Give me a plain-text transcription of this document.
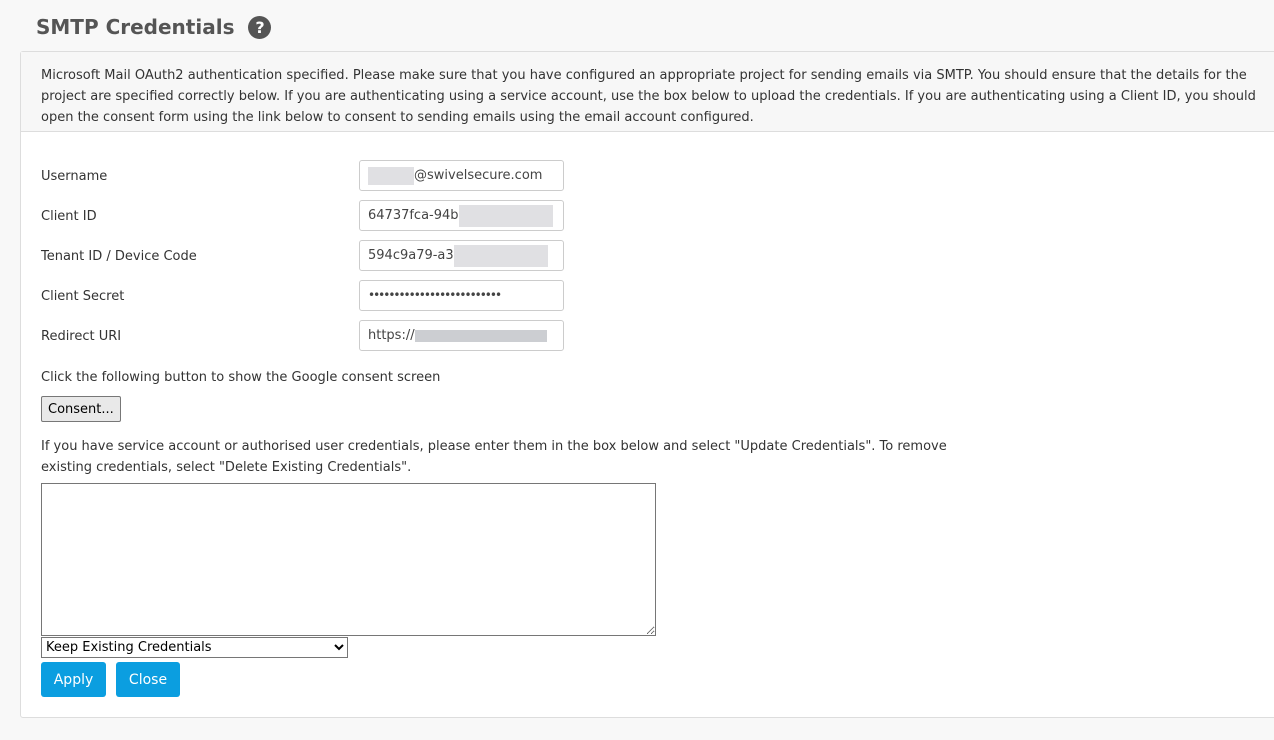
SMTP Credentials	?
Microsoft Mail OAuth2 authentication specified. Please make sure that you have configured an appropriate project for sending emails via SMTP. You should ensure that the details for the project are specified correctly below. If you are authenticating using a service account, use the box below to upload the credentials. If you are authenticating using a Client ID, you should open the consent form using the link below to consent to sending emails using the email account configured.
Username	@swivelsecure.com
Client ID	64737fca-94b
Tenant ID / Device Code	594c9a79-a3
Client Secret	••••••••••••••••••••••••••
Redirect URI	https://
Click the following button to show the Google consent screen
Consent...
If you have service account or authorised user credentials, please enter them in the box below and select "Update Credentials". To remove existing credentials, select "Delete Existing Credentials".
Keep Existing Credentials
Apply	Close
